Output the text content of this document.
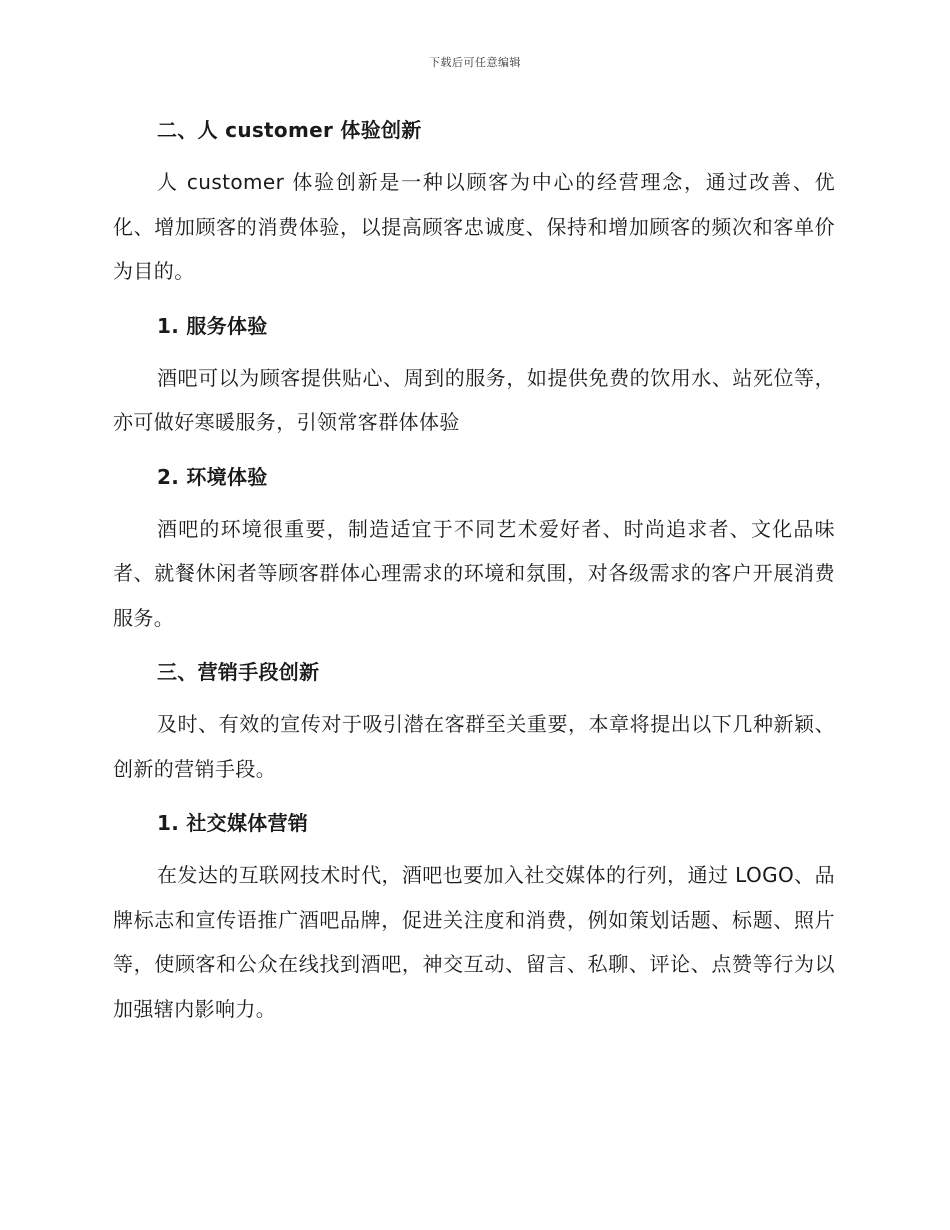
下载后可任意编辑
二、人 customer 体验创新

人 customer 体验创新是一种以顾客为中心的经营理念，通过改善、优化、增加顾客的消费体验，以提高顾客忠诚度、保持和增加顾客的频次和客单价为目的。

1. 服务体验

酒吧可以为顾客提供贴心、周到的服务，如提供免费的饮用水、站死位等，亦可做好寒暖服务，引领常客群体体验

2. 环境体验

酒吧的环境很重要，制造适宜于不同艺术爱好者、时尚追求者、文化品味者、就餐休闲者等顾客群体心理需求的环境和氛围，对各级需求的客户开展消费服务。

三、营销手段创新

及时、有效的宣传对于吸引潜在客群至关重要，本章将提出以下几种新颖、创新的营销手段。

1. 社交媒体营销

在发达的互联网技术时代，酒吧也要加入社交媒体的行列，通过 LOGO、品牌标志和宣传语推广酒吧品牌，促进关注度和消费，例如策划话题、标题、照片等，使顾客和公众在线找到酒吧，神交互动、留言、私聊、评论、点赞等行为以加强辖内影响力。
